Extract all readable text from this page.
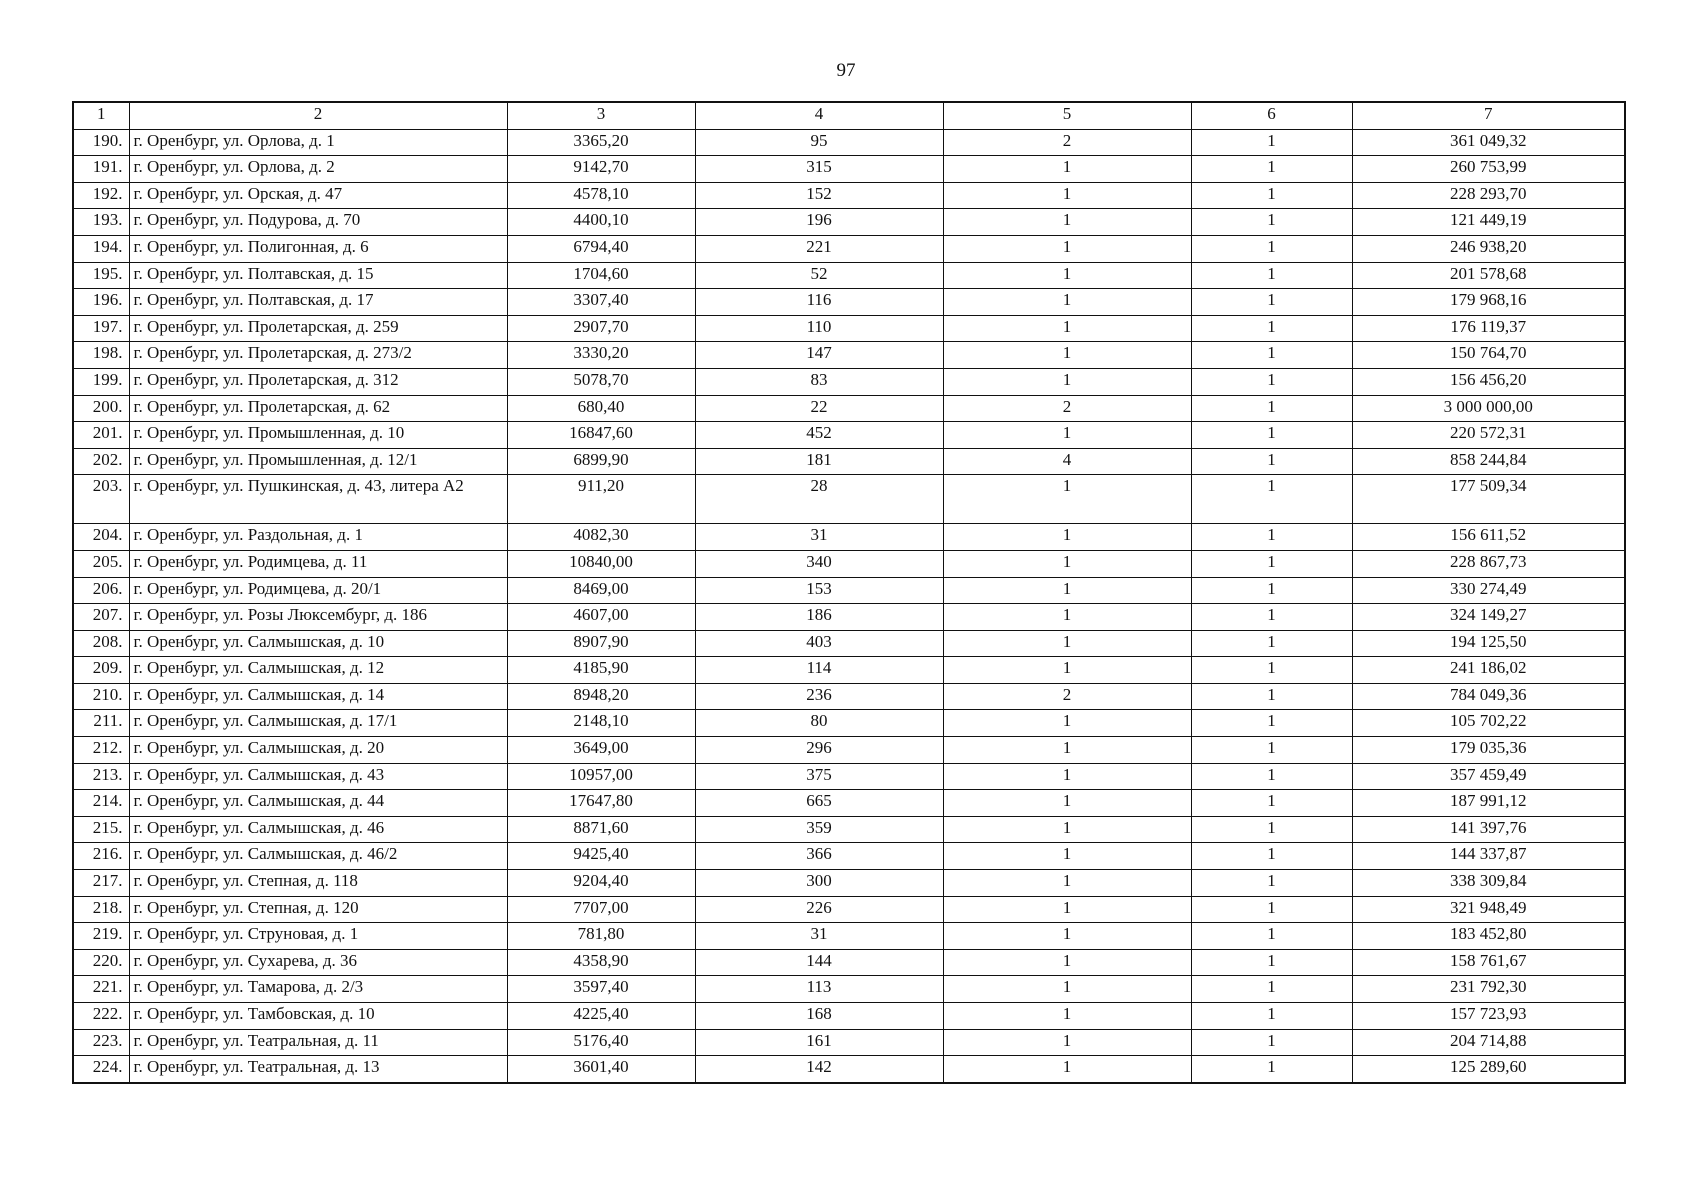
97
1	2	3	4	5	6	7
190.	г. Оренбург, ул. Орлова, д. 1	3365,20	95	2	1	361 049,32
191.	г. Оренбург, ул. Орлова, д. 2	9142,70	315	1	1	260 753,99
192.	г. Оренбург, ул. Орская, д. 47	4578,10	152	1	1	228 293,70
193.	г. Оренбург, ул. Подурова, д. 70	4400,10	196	1	1	121 449,19
194.	г. Оренбург, ул. Полигонная, д. 6	6794,40	221	1	1	246 938,20
195.	г. Оренбург, ул. Полтавская, д. 15	1704,60	52	1	1	201 578,68
196.	г. Оренбург, ул. Полтавская, д. 17	3307,40	116	1	1	179 968,16
197.	г. Оренбург, ул. Пролетарская, д. 259	2907,70	110	1	1	176 119,37
198.	г. Оренбург, ул. Пролетарская, д. 273/2	3330,20	147	1	1	150 764,70
199.	г. Оренбург, ул. Пролетарская, д. 312	5078,70	83	1	1	156 456,20
200.	г. Оренбург, ул. Пролетарская, д. 62	680,40	22	2	1	3 000 000,00
201.	г. Оренбург, ул. Промышленная, д. 10	16847,60	452	1	1	220 572,31
202.	г. Оренбург, ул. Промышленная, д. 12/1	6899,90	181	4	1	858 244,84
203.	г. Оренбург, ул. Пушкинская, д. 43, литера А2	911,20	28	1	1	177 509,34
204.	г. Оренбург, ул. Раздольная, д. 1	4082,30	31	1	1	156 611,52
205.	г. Оренбург, ул. Родимцева, д. 11	10840,00	340	1	1	228 867,73
206.	г. Оренбург, ул. Родимцева, д. 20/1	8469,00	153	1	1	330 274,49
207.	г. Оренбург, ул. Розы Люксембург, д. 186	4607,00	186	1	1	324 149,27
208.	г. Оренбург, ул. Салмышская, д. 10	8907,90	403	1	1	194 125,50
209.	г. Оренбург, ул. Салмышская, д. 12	4185,90	114	1	1	241 186,02
210.	г. Оренбург, ул. Салмышская, д. 14	8948,20	236	2	1	784 049,36
211.	г. Оренбург, ул. Салмышская, д. 17/1	2148,10	80	1	1	105 702,22
212.	г. Оренбург, ул. Салмышская, д. 20	3649,00	296	1	1	179 035,36
213.	г. Оренбург, ул. Салмышская, д. 43	10957,00	375	1	1	357 459,49
214.	г. Оренбург, ул. Салмышская, д. 44	17647,80	665	1	1	187 991,12
215.	г. Оренбург, ул. Салмышская, д. 46	8871,60	359	1	1	141 397,76
216.	г. Оренбург, ул. Салмышская, д. 46/2	9425,40	366	1	1	144 337,87
217.	г. Оренбург, ул. Степная, д. 118	9204,40	300	1	1	338 309,84
218.	г. Оренбург, ул. Степная, д. 120	7707,00	226	1	1	321 948,49
219.	г. Оренбург, ул. Струновая, д. 1	781,80	31	1	1	183 452,80
220.	г. Оренбург, ул. Сухарева, д. 36	4358,90	144	1	1	158 761,67
221.	г. Оренбург, ул. Тамарова, д. 2/3	3597,40	113	1	1	231 792,30
222.	г. Оренбург, ул. Тамбовская, д. 10	4225,40	168	1	1	157 723,93
223.	г. Оренбург, ул. Театральная, д. 11	5176,40	161	1	1	204 714,88
224.	г. Оренбург, ул. Театральная, д. 13	3601,40	142	1	1	125 289,60
